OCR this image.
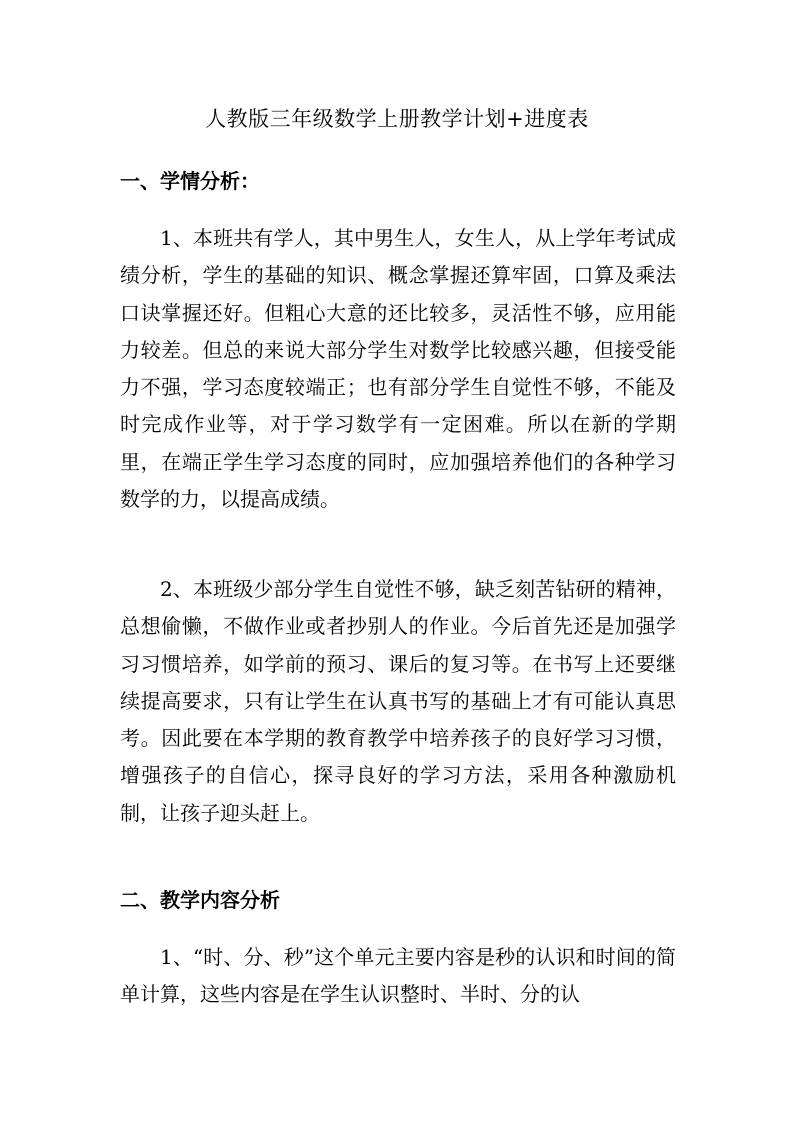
人教版三年级数学上册教学计划+进度表
一、学情分析：

1、本班共有学人，其中男生人，女生人，从上学年考试成绩分析，学生的基础的知识、概念掌握还算牢固，口算及乘法口诀掌握还好。但粗心大意的还比较多，灵活性不够，应用能力较差。但总的来说大部分学生对数学比较感兴趣，但接受能力不强，学习态度较端正；也有部分学生自觉性不够，不能及时完成作业等，对于学习数学有一定困难。所以在新的学期里，在端正学生学习态度的同时，应加强培养他们的各种学习数学的力，以提高成绩。

2、本班级少部分学生自觉性不够，缺乏刻苦钻研的精神，总想偷懒，不做作业或者抄别人的作业。今后首先还是加强学习习惯培养，如学前的预习、课后的复习等。在书写上还要继续提高要求，只有让学生在认真书写的基础上才有可能认真思考。因此要在本学期的教育教学中培养孩子的良好学习习惯，增强孩子的自信心，探寻良好的学习方法，采用各种激励机制，让孩子迎头赶上。

二、教学内容分析

1、“时、分、秒”这个单元主要内容是秒的认识和时间的简单计算，这些内容是在学生认识整时、半时、分的认
